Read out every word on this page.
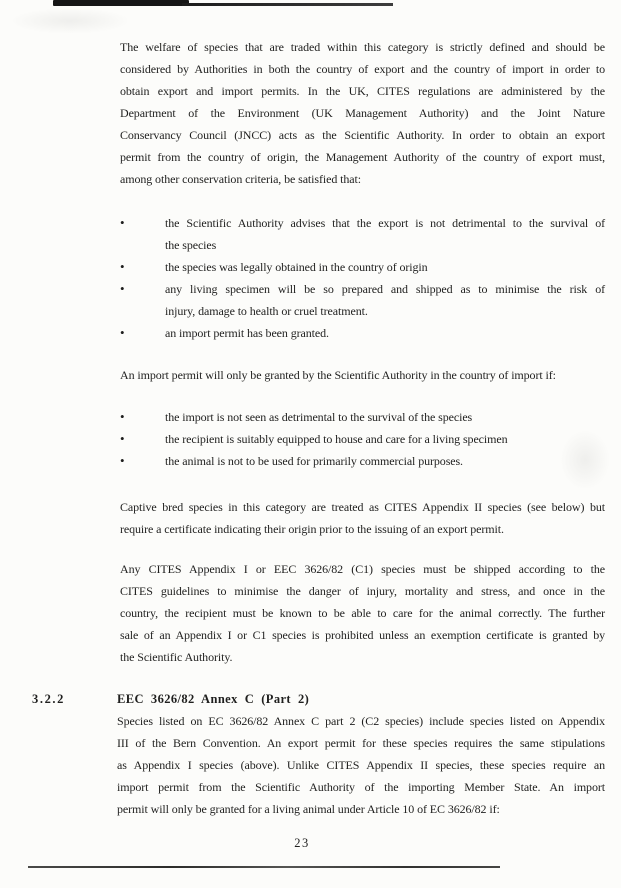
The welfare of species that are traded within this category is strictly defined and should be
considered by Authorities in both the country of export and the country of import in order to
obtain export and import permits. In the UK, CITES regulations are administered by the
Department of the Environment (UK Management Authority) and the Joint Nature
Conservancy Council (JNCC) acts as the Scientific Authority. In order to obtain an export
permit from the country of origin, the Management Authority of the country of export must,
among other conservation criteria, be satisfied that:
•	the Scientific Authority advises that the export is not detrimental to the survival of
the species
•	the species was legally obtained in the country of origin
•	any living specimen will be so prepared and shipped as to minimise the risk of
injury, damage to health or cruel treatment.
•	an import permit has been granted.
An import permit will only be granted by the Scientific Authority in the country of import if:
•	the import is not seen as detrimental to the survival of the species
•	the recipient is suitably equipped to house and care for a living specimen
•	the animal is not to be used for primarily commercial purposes.
Captive bred species in this category are treated as CITES Appendix II species (see below) but
require a certificate indicating their origin prior to the issuing of an export permit.
Any CITES Appendix I or EEC 3626/82 (C1) species must be shipped according to the
CITES guidelines to minimise the danger of injury, mortality and stress, and once in the
country, the recipient must be known to be able to care for the animal correctly. The further
sale of an Appendix I or C1 species is prohibited unless an exemption certificate is granted by
the Scientific Authority.
3.2.2	EEC 3626/82 Annex C (Part 2)
Species listed on EC 3626/82 Annex C part 2 (C2 species) include species listed on Appendix
III of the Bern Convention. An export permit for these species requires the same stipulations
as Appendix I species (above). Unlike CITES Appendix II species, these species require an
import permit from the Scientific Authority of the importing Member State. An import
permit will only be granted for a living animal under Article 10 of EC 3626/82 if:
23
